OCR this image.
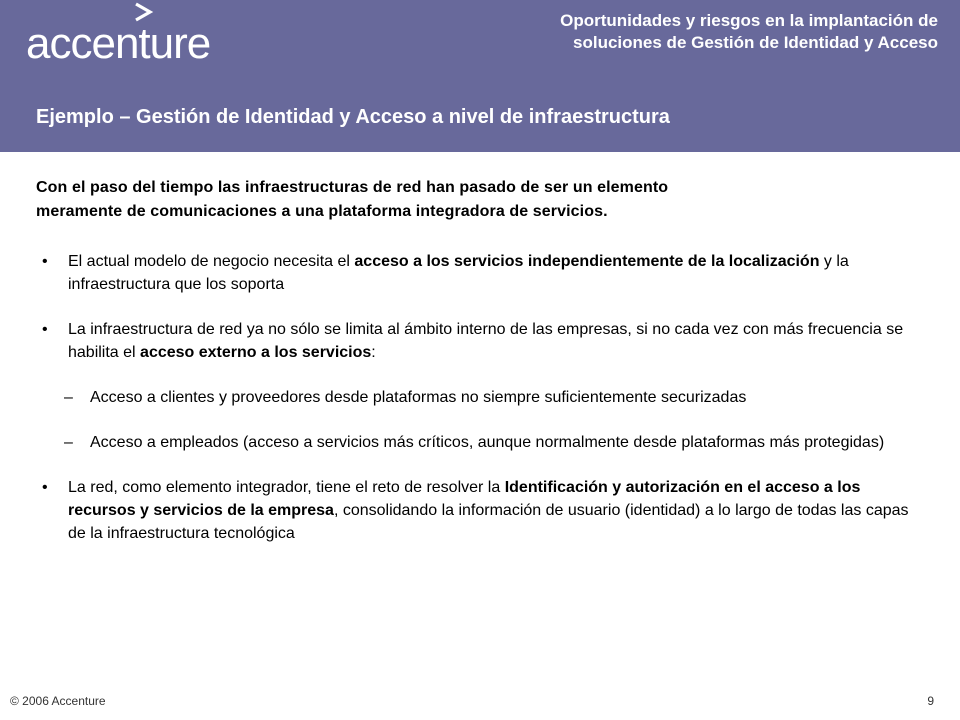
accenture	Oportunidades y riesgos en la implantación de
soluciones de Gestión de Identidad y Acceso
Ejemplo – Gestión de Identidad y Acceso a nivel de infraestructura
Con el paso del tiempo las infraestructuras de red han pasado de ser un elemento
meramente de comunicaciones a una plataforma integradora de servicios.
• El actual modelo de negocio necesita el acceso a los servicios independientemente de la localización y la infraestructura que los soporta
• La infraestructura de red ya no sólo se limita al ámbito interno de las empresas, si no cada vez con más frecuencia se habilita el acceso externo a los servicios:
– Acceso a clientes y proveedores desde plataformas no siempre suficientemente securizadas
– Acceso a empleados (acceso a servicios más críticos, aunque normalmente desde plataformas más protegidas)
• La red, como elemento integrador, tiene el reto de resolver la Identificación y autorización en el acceso a los recursos y servicios de la empresa, consolidando la información de usuario (identidad) a lo largo de todas las capas de la infraestructura tecnológica
© 2006 Accenture	9
